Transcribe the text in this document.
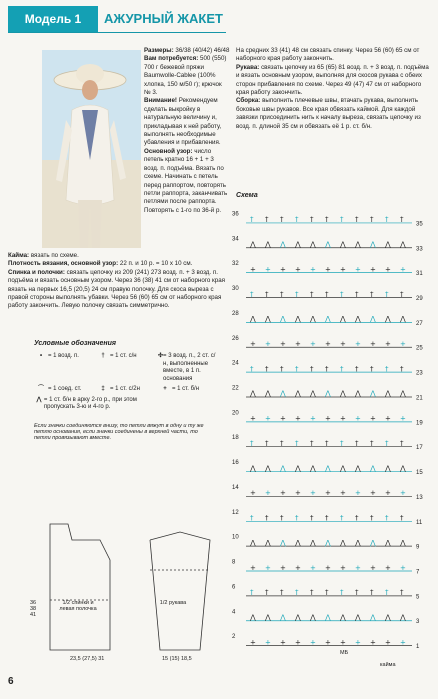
Модель 1	АЖУРНЫЙ ЖАКЕТ
Размеры: 36/38 (40/42) 46/48
Вам потребуется: 500 (550) 700 г бежевой пряжи Baumwolle-Cablee (100% хлопка, 150 м/50 г); крючок № 3.
Внимание! Рекомендуем сделать выкройку в натуральную величину и, прикладывая к ней работу, выполнять необходимые убавления и прибавления.
Основной узор: число петель кратно 16 + 1 + 3 возд. п. подъёма. Вязать по схеме. Начинать с петель перед раппортом, повторять петли раппорта, заканчивать петлями после раппорта. Повторять с 1-го по 36-й р.
Кайма: вязать по схеме.
Плотность вязания, основной узор: 22 п. и 10 р. = 10 х 10 см.
Спинка и полочки: связать цепочку из 209 (241) 273 возд. п. + 3 возд. п. подъёма и вязать основным узором. Через 36 (38) 41 см от наборного края вязать на первых 16,5 (20,5) 24 см правую полочку. Для скоса выреза с правой стороны выполнять убавки. Через 56 (60) 65 см от наборного края работу закончить. Левую полочку связать симметрично.
На средних 33 (41) 48 см связать спинку. Через 56 (60) 65 см от наборного края работу закончить.
Рукава: связать цепочку из 65 (65) 81 возд. п. + 3 возд. п. подъёма и вязать основным узором, выполняя для скосов рукава с обеих сторон прибавления по схеме. Через 49 (47) 47 см от наборного края работу закончить.
Сборка: выполнить плечевые швы, втачать рукава, выполнить боковые швы рукавов. Все края обвязать каймой. Для каждой завязки присоединить нить к началу выреза, связать цепочку из возд. п. длиной 35 см и обвязать её 1 р. ст. б/н.
Условные обозначения
• = 1 возд. п.	† = 1 ст. с/н	✣ = 3 возд. п., 2 ст. с/н, выполненные вместе, в 1 п. основания
⌒ = 1 соед. ст.	‡ = 1 ст. с/2н	+ = 1 ст. б/н
⋀ = 1 ст. б/н в арку 2-го р., при этом пропускать 3-ю и 4-го р.
Если значки соединяются внизу, то петли вяжут в одну и ту же петлю основания, если значки соединены в верхней части, то петли провязывают вместе.
1/2 спинки и левая полочка
1/2 рукава
36
38
41
23,5 (27,5) 31	15 (15) 18,5
Схема
† † † † † † † † † † †
35
36
⋀ ⋀ ⋀ ⋀ ⋀ ⋀ ⋀ ⋀ ⋀ ⋀ ⋀
33
34
+ + + + + + + + + + +
31
32
† † † † † † † † † † †
29
30
⋀ ⋀ ⋀ ⋀ ⋀ ⋀ ⋀ ⋀ ⋀ ⋀ ⋀
27
28
+ + + + + + + + + + +
25
26
† † † † † † † † † † †
23
24
⋀ ⋀ ⋀ ⋀ ⋀ ⋀ ⋀ ⋀ ⋀ ⋀ ⋀
21
22
+ + + + + + + + + + +
19
20
† † † † † † † † † † †
17
18
⋀ ⋀ ⋀ ⋀ ⋀ ⋀ ⋀ ⋀ ⋀ ⋀ ⋀
15
16
+ + + + + + + + + + +
13
14
† † † † † † † † † † †
11
12
⋀ ⋀ ⋀ ⋀ ⋀ ⋀ ⋀ ⋀ ⋀ ⋀ ⋀
9
10
+ + + + + + + + + + +
7
8
† † † † † † † † † † †
5
6
⋀ ⋀ ⋀ ⋀ ⋀ ⋀ ⋀ ⋀ ⋀ ⋀ ⋀
3
4
+ + + + + + + + + + +
1
2
кайма
МБ
6
